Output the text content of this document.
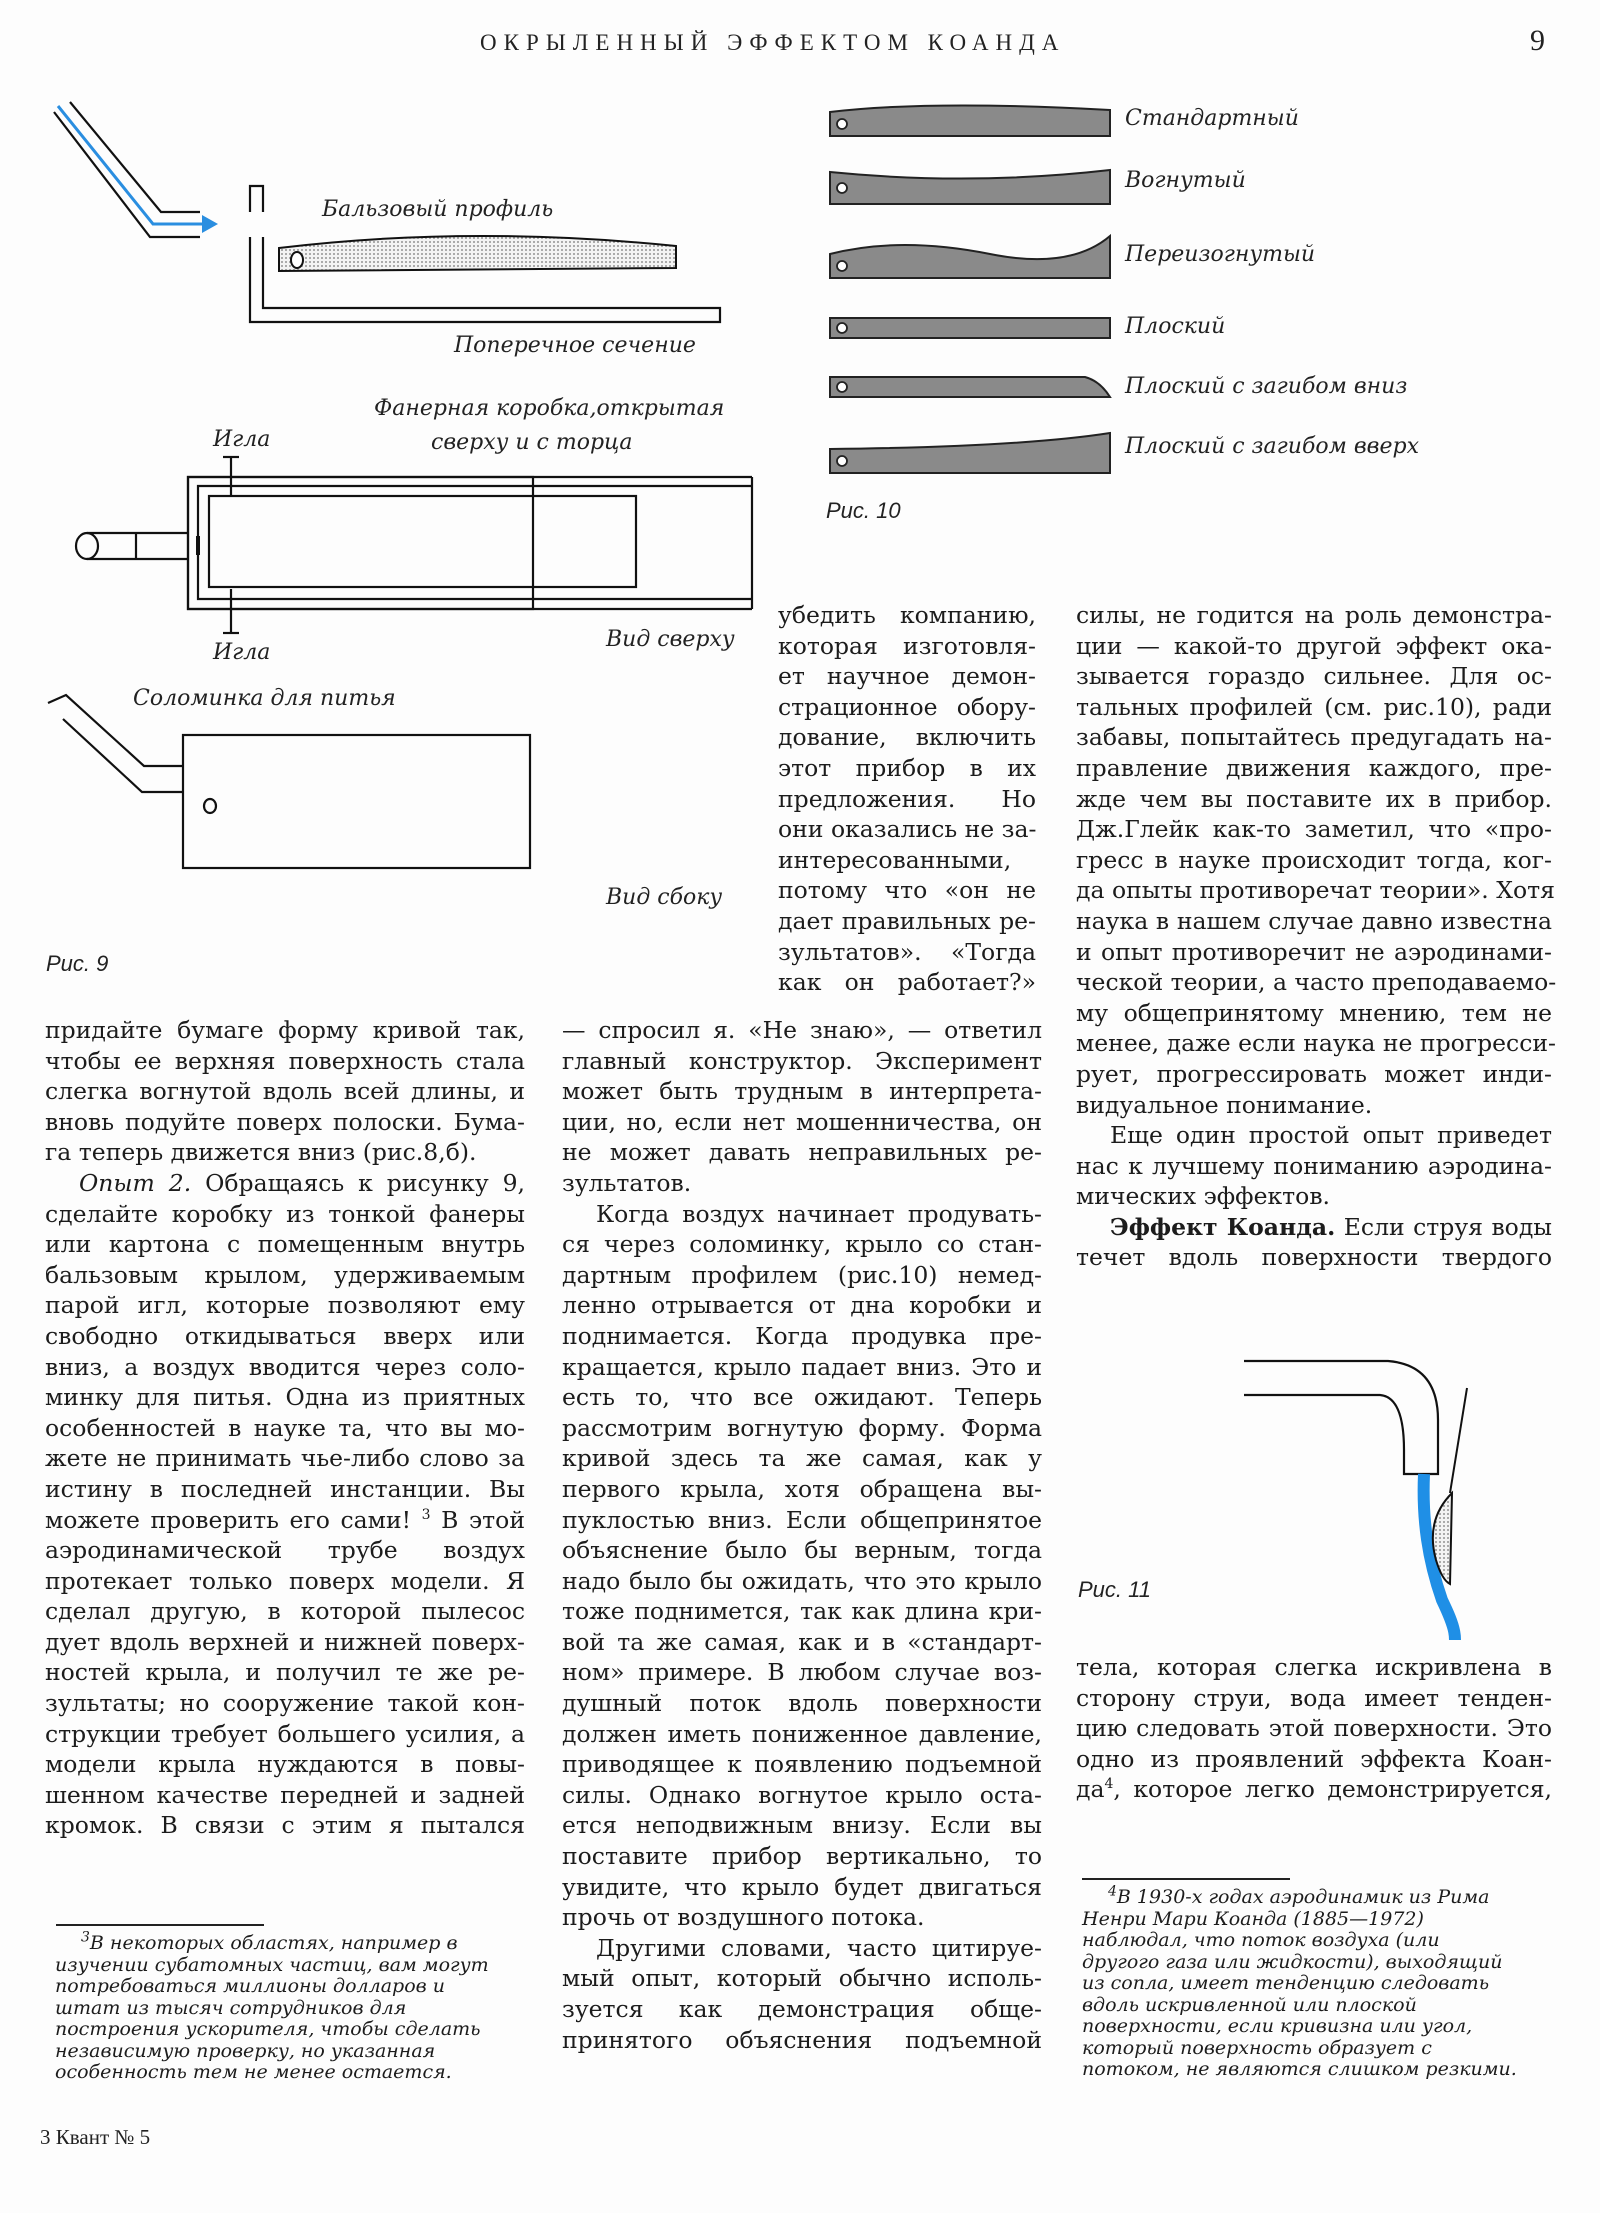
ОКРЫЛЕННЫЙ ЭФФЕКТОМ КОАНДА	9
Бальзовый профиль
Поперечное сечение
Фанерная коробка,открытая
сверху и с торца
Игла
Игла
Вид сверху
Соломинка для питья
Вид сбоку
Рис. 9
Стандартный
Вогнутый
Переизогнутый
Плоский
Плоский с загибом вниз
Плоский с загибом вверх
Рис. 10
убедить компанию,
которая изготовля-
ет научное демон-
страционное обору-
дование, включить
этот прибор в их
предложения. Но
они оказались не за-
интересованными,
потому что «он не
дает правильных ре-
зультатов». «Тогда
как он работает?»
силы, не годится на роль демонстра-
ции — какой-то другой эффект ока-
зывается гораздо сильнее. Для ос-
тальных профилей (см. рис.10), ради
забавы, попытайтесь предугадать на-
правление движения каждого, пре-
жде чем вы поставите их в прибор.
Дж.Глейк как-то заметил, что «про-
гресс в науке происходит тогда, ког-
да опыты противоречат теории». Хотя
наука в нашем случае давно известна
и опыт противоречит не аэродинами-
ческой теории, а часто преподаваемо-
му общепринятому мнению, тем не
менее, даже если наука не прогресси-
рует, прогрессировать может инди-
видуальное понимание.
Еще один простой опыт приведет
нас к лучшему пониманию аэродина-
мических эффектов.
Эффект Коанда. Если струя воды
течет вдоль поверхности твердого
Рис. 11
тела, которая слегка искривлена в
сторону струи, вода имеет тенден-
цию следовать этой поверхности. Это
одно из проявлений эффекта Коан-
$да^4$, которое легко демонстрируется,
придайте бумаге форму кривой так,
чтобы ее верхняя поверхность стала
слегка вогнутой вдоль всей длины, и
вновь подуйте поверх полоски. Бума-
га теперь движется вниз (рис.8,б).
Опыт 2. Обращаясь к рисунку 9,
сделайте коробку из тонкой фанеры
или картона с помещенным внутрь
бальзовым крылом, удерживаемым
парой игл, которые позволяют ему
свободно откидываться вверх или
вниз, а воздух вводится через соло-
минку для питья. Одна из приятных
особенностей в науке та, что вы мо-
жете не принимать чье-либо слово за
истину в последней инстанции. Вы
можете проверить его сами! $^3$ В этой
аэродинамической трубе воздух
протекает только поверх модели. Я
сделал другую, в которой пылесос
дует вдоль верхней и нижней поверх-
ностей крыла, и получил те же ре-
зультаты; но сооружение такой кон-
струкции требует большего усилия, а
модели крыла нуждаются в повы-
шенном качестве передней и задней
кромок. В связи с этим я пытался
— спросил я. «Не знаю», — ответил
главный конструктор. Эксперимент
может быть трудным в интерпрета-
ции, но, если нет мошенничества, он
не может давать неправильных ре-
зультатов.
Когда воздух начинает продувать-
ся через соломинку, крыло со стан-
дартным профилем (рис.10) немед-
ленно отрывается от дна коробки и
поднимается. Когда продувка пре-
кращается, крыло падает вниз. Это и
есть то, что все ожидают. Теперь
рассмотрим вогнутую форму. Форма
кривой здесь та же самая, как у
первого крыла, хотя обращена вы-
пуклостью вниз. Если общепринятое
объяснение было бы верным, тогда
надо было бы ожидать, что это крыло
тоже поднимется, так как длина кри-
вой та же самая, как и в «стандарт-
ном» примере. В любом случае воз-
душный поток вдоль поверхности
должен иметь пониженное давление,
приводящее к появлению подъемной
силы. Однако вогнутое крыло оста-
ется неподвижным внизу. Если вы
поставите прибор вертикально, то
увидите, что крыло будет двигаться
прочь от воздушного потока.
Другими словами, часто цитируе-
мый опыт, который обычно исполь-
зуется как демонстрация обще-
принятого объяснения подъемной
$^3$В некоторых областях, например в
изучении субатомных частиц, вам могут
потребоваться миллионы долларов и
штат из тысяч сотрудников для
построения ускорителя, чтобы сделать
независимую проверку, но указанная
особенность тем не менее остается.
$^4$В 1930-х годах аэродинамик из Рима
Ненри Мари Коанда (1885—1972)
наблюдал, что поток воздуха (или
другого газа или жидкости), выходящий
из сопла, имеет тенденцию следовать
вдоль искривленной или плоской
поверхности, если кривизна или угол,
который поверхность образует с
потоком, не являются слишком резкими.
3 Квант № 5
